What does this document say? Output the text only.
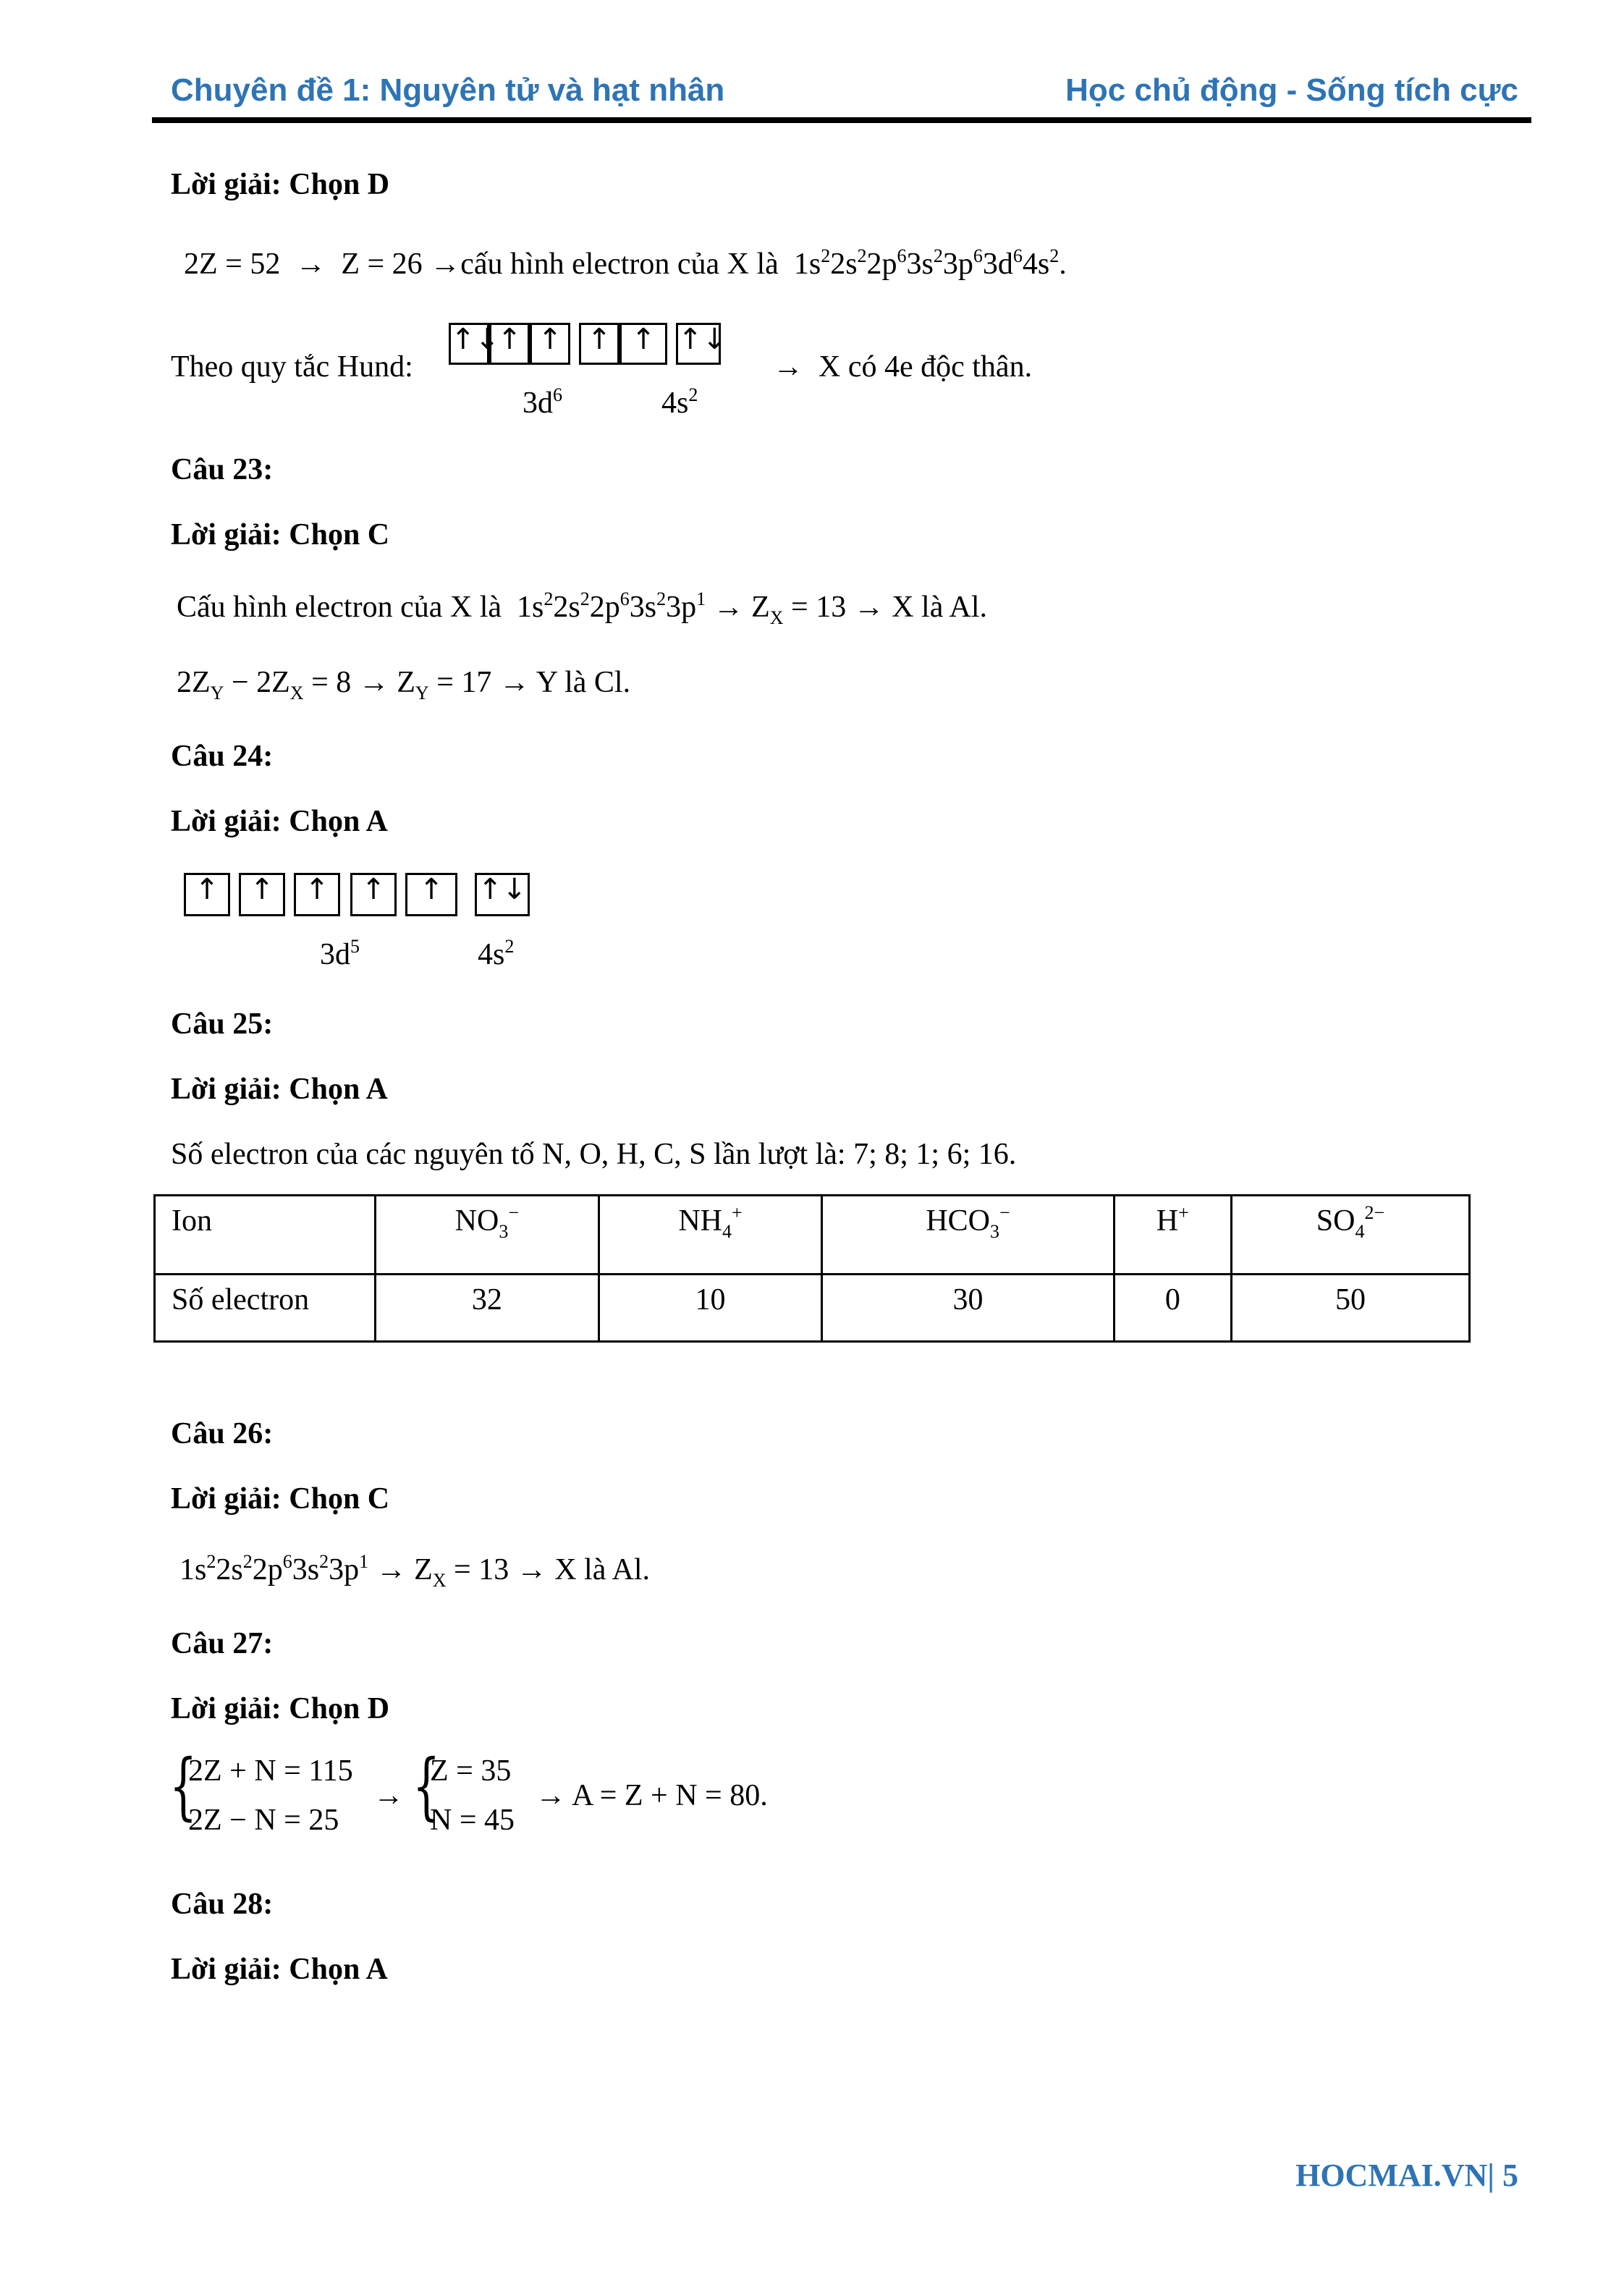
Chuyên đề 1: Nguyên tử và hạt nhân	Học chủ động - Sống tích cực
Lời giải: Chọn D
2Z = 52  →  Z = 26 →cấu hình electron của X là  $1s^22s^22p^63s^23p^63d^64s^2$.
Theo quy tắc Hund:
↑↓
↑ ↑ ↑ ↑ ↑↓
$3d^6$	$4s^2$
→  X có 4e độc thân.
Câu 23:
Lời giải: Chọn C
Cấu hình electron của X là  $1s^22s^22p^63s^23p^1 \to Z_X = 13 \to X$ là Al.
$2Z_Y - 2Z_X = 8 \to Z_Y = 17 \to Y$ là Cl.
Câu 24:
Lời giải: Chọn A
↑	↑	↑	↑	↑	↑↓
$3d^5$	$4s^2$
Câu 25:
Lời giải: Chọn A
Số electron của các nguyên tố N, O, H, C, S lần lượt là: 7; 8; 1; 6; 16.
Ion	$NO_3^-$	$NH_4^+$	$HCO_3^-$	H+	$SO_4^{2-}$
Số electron	32	10	30	0	50
Câu 26:
Lời giải: Chọn C
$1s^22s^22p^63s^23p^1 \to Z_X = 13 \to X$ là Al.
Câu 27:
Lời giải: Chọn D
{
2Z + N = 115
2Z − N = 25
→ {
Z = 35
N = 45
→ A = Z + N = 80.
Câu 28:
Lời giải: Chọn A
HOCMAI.VN| 5
